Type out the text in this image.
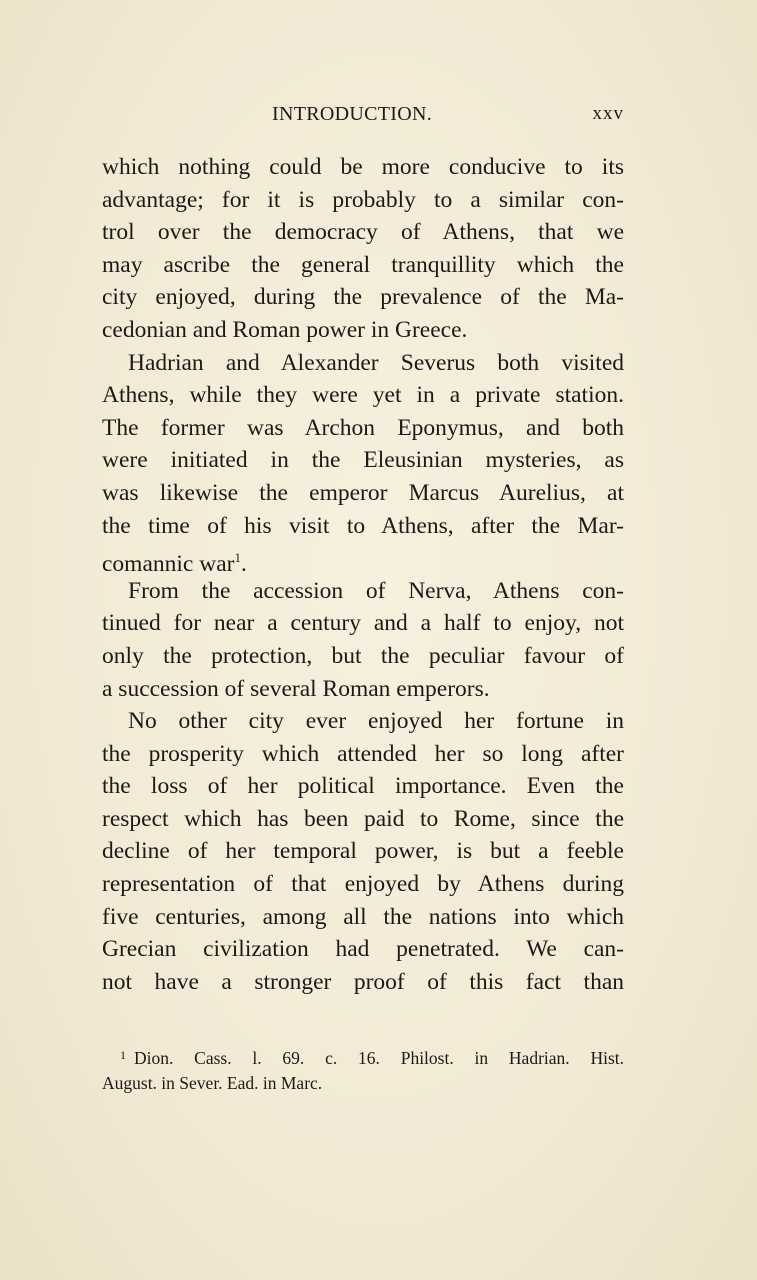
INTRODUCTION.	xxv
which nothing could be more conducive to its
advantage; for it is probably to a similar con-
trol over the democracy of Athens, that we
may ascribe the general tranquillity which the
city enjoyed, during the prevalence of the Ma-
cedonian and Roman power in Greece.
Hadrian and Alexander Severus both visited
Athens, while they were yet in a private station.
The former was Archon Eponymus, and both
were initiated in the Eleusinian mysteries, as
was likewise the emperor Marcus Aurelius, at
the time of his visit to Athens, after the Mar-
comannic war$^1$.
From the accession of Nerva, Athens con-
tinued for near a century and a half to enjoy, not
only the protection, but the peculiar favour of
a succession of several Roman emperors.
No other city ever enjoyed her fortune in
the prosperity which attended her so long after
the loss of her political importance. Even the
respect which has been paid to Rome, since the
decline of her temporal power, is but a feeble
representation of that enjoyed by Athens during
five centuries, among all the nations into which
Grecian civilization had penetrated. We can-
not have a stronger proof of this fact than
$^1$ Dion. Cass. l. 69. c. 16. Philost. in Hadrian. Hist.
August. in Sever. Ead. in Marc.
